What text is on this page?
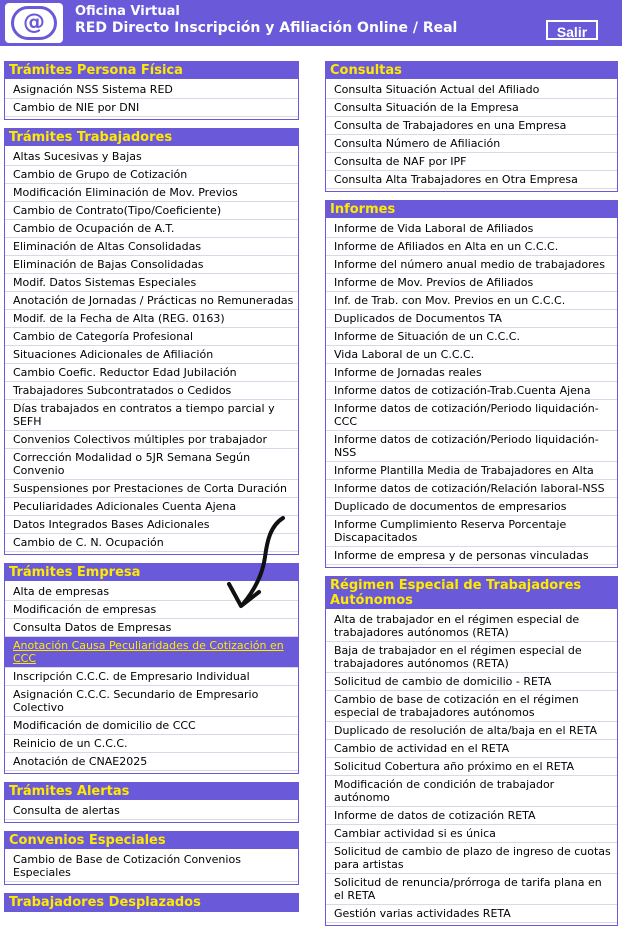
@	Oficina Virtual
RED Directo Inscripción y Afiliación Online / Real	Salir
Trámites Persona Física
Asignación NSS Sistema RED
Cambio de NIE por DNI
Trámites Trabajadores
Altas Sucesivas y Bajas
Cambio de Grupo de Cotización
Modificación Eliminación de Mov. Previos
Cambio de Contrato(Tipo/Coeficiente)
Cambio de Ocupación de A.T.
Eliminación de Altas Consolidadas
Eliminación de Bajas Consolidadas
Modif. Datos Sistemas Especiales
Anotación de Jornadas / Prácticas no Remuneradas
Modif. de la Fecha de Alta (REG. 0163)
Cambio de Categoría Profesional
Situaciones Adicionales de Afiliación
Cambio Coefic. Reductor Edad Jubilación
Trabajadores Subcontratados o Cedidos
Días trabajados en contratos a tiempo parcial y SEFH
Convenios Colectivos múltiples por trabajador
Corrección Modalidad o 5JR Semana Según Convenio
Suspensiones por Prestaciones de Corta Duración
Peculiaridades Adicionales Cuenta Ajena
Datos Integrados Bases Adicionales
Cambio de C. N. Ocupación
Trámites Empresa
Alta de empresas
Modificación de empresas
Consulta Datos de Empresas
Anotación Causa Peculiaridades de Cotización en CCC
Inscripción C.C.C. de Empresario Individual
Asignación C.C.C. Secundario de Empresario Colectivo
Modificación de domicilio de CCC
Reinicio de un C.C.C.
Anotación de CNAE2025
Trámites Alertas
Consulta de alertas
Convenios Especiales
Cambio de Base de Cotización Convenios Especiales
Trabajadores Desplazados
Consultas
Consulta Situación Actual del Afiliado
Consulta Situación de la Empresa
Consulta de Trabajadores en una Empresa
Consulta Número de Afiliación
Consulta de NAF por IPF
Consulta Alta Trabajadores en Otra Empresa
Informes
Informe de Vida Laboral de Afiliados
Informe de Afiliados en Alta en un C.C.C.
Informe del número anual medio de trabajadores
Informe de Mov. Previos de Afiliados
Inf. de Trab. con Mov. Previos en un C.C.C.
Duplicados de Documentos TA
Informe de Situación de un C.C.C.
Vida Laboral de un C.C.C.
Informe de Jornadas reales
Informe datos de cotización-Trab.Cuenta Ajena
Informe datos de cotización/Periodo liquidación-CCC
Informe datos de cotización/Periodo liquidación-NSS
Informe Plantilla Media de Trabajadores en Alta
Informe datos de cotización/Relación laboral-NSS
Duplicado de documentos de empresarios
Informe Cumplimiento Reserva Porcentaje Discapacitados
Informe de empresa y de personas vinculadas
Régimen Especial de Trabajadores Autónomos
Alta de trabajador en el régimen especial de trabajadores autónomos (RETA)
Baja de trabajador en el régimen especial de trabajadores autónomos (RETA)
Solicitud de cambio de domicilio - RETA
Cambio de base de cotización en el régimen especial de trabajadores autónomos
Duplicado de resolución de alta/baja en el RETA
Cambio de actividad en el RETA
Solicitud Cobertura año próximo en el RETA
Modificación de condición de trabajador autónomo
Informe de datos de cotización RETA
Cambiar actividad si es única
Solicitud de cambio de plazo de ingreso de cuotas para artistas
Solicitud de renuncia/prórroga de tarifa plana en el RETA
Gestión varias actividades RETA
